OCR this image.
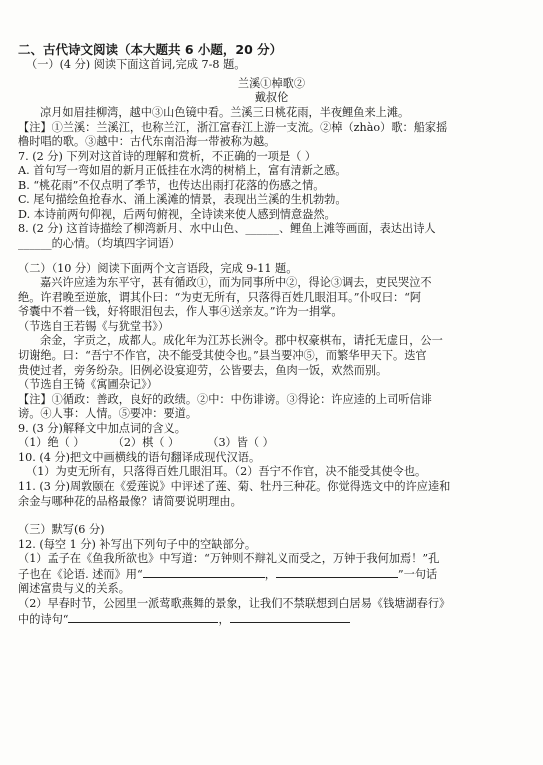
二、古代诗文阅读（本大题共 6 小题，20 分）
（一）(4 分) 阅读下面这首词,完成 7-8 题。
兰溪①棹歌②
戴叔伦
凉月如眉挂柳湾，越中③山色镜中看。兰溪三日桃花雨，半夜鲤鱼来上滩。
【注】①兰溪：兰溪江，也称兰江，浙江富春江上游一支流。②棹（zhào）歌：船家摇
橹时唱的歌。③越中：古代东南沿海一带被称为越。
7. (2 分) 下列对这首诗的理解和赏析，不正确的一项是（ ）
A. 首句写一弯如眉的新月正低挂在水湾的树梢上，富有清新之感。
B. “桃花雨”不仅点明了季节，也传达出雨打花落的伤感之情。
C. 尾句描绘鱼抢春水、涌上溪滩的情景，表现出兰溪的生机勃勃。
D. 本诗前两句仰视，后两句俯视，全诗读来使人感到情意盎然。
8. (2 分) 这首诗描绘了柳湾新月、水中山色、______、鲤鱼上滩等画面，表达出诗人
______的心情。（均填四字词语）
（二）（10 分）阅读下面两个文言语段，完成 9-11 题。
嘉兴许应逵为东平守，甚有循政①，而为同事所中②，得论③调去，吏民哭泣不
绝。许君晚至逆旅，谓其仆曰：“为吏无所有，只落得百姓几眼泪耳。”仆叹曰：“阿
爷囊中不着一钱，好将眼泪包去，作人事④送亲友。”许为一捐掌。
（节选自王若锡《与犹堂书》）
余金，字贡之，成都人。成化年为江苏长洲令。郡中权豪棋布，请托无虚日，公一
切谢绝。曰：“吾宁不作官，决不能受其使令也。”县当要冲⑤，而繁华甲天下。迭官
贵使过者，旁务纷杂。旧例必设宴迎劳，公皆要去，鱼肉一饭，欢然而别。
（节选自王锜《寓圃杂记》）
【注】①循政：善政，良好的政绩。②中：中伤诽谤。③得论：许应逵的上司听信诽
谤。④人事：人情。⑤要冲：要道。
9. (3 分)解释文中加点词的含义。
（1）绝（ ）	（2）棋（ ）	（3）皆（ ）
10. (4 分)把文中画横线的语句翻译成现代汉语。
（1）为吏无所有，只落得百姓几眼泪耳。（2）吾宁不作官，决不能受其使令也。
11. (3 分)周敦颐在《爱莲说》中评述了莲、菊、牡丹三种花。你觉得选文中的许应逵和
余金与哪种花的品格最像？请简要说明理由。
（三）默写(6 分)
12. (每空 1 分) 补写出下列句子中的空缺部分。
（1）孟子在《鱼我所欲也》中写道：“万钟则不辩礼义而受之，万钟于我何加焉！”孔
子也在《论语. 述而》用“	，	”一句话
阐述富贵与义的关系。
（2）早春时节，公园里一派莺歌燕舞的景象，让我们不禁联想到白居易《钱塘湖春行》
中的诗句“	，
